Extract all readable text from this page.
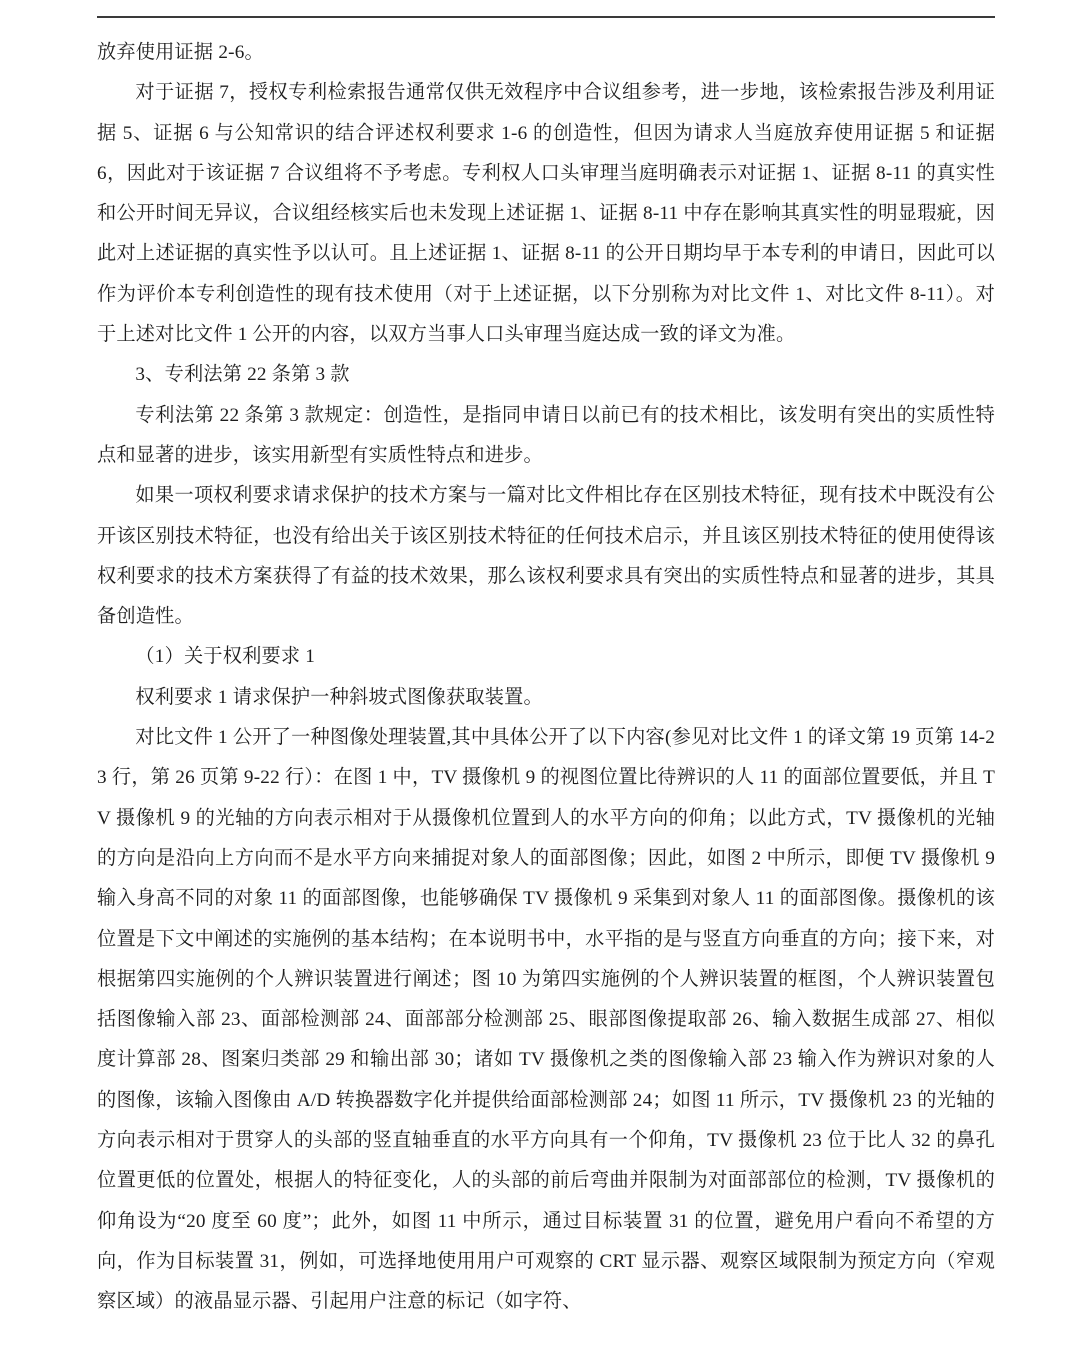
放弃使用证据 2-6。

对于证据 7，授权专利检索报告通常仅供无效程序中合议组参考，进一步地，该检索报告涉及利用证据 5、证据 6 与公知常识的结合评述权利要求 1-6 的创造性，但因为请求人当庭放弃使用证据 5 和证据 6，因此对于该证据 7 合议组将不予考虑。专利权人口头审理当庭明确表示对证据 1、证据 8-11 的真实性和公开时间无异议，合议组经核实后也未发现上述证据 1、证据 8-11 中存在影响其真实性的明显瑕疵，因此对上述证据的真实性予以认可。且上述证据 1、证据 8-11 的公开日期均早于本专利的申请日，因此可以作为评价本专利创造性的现有技术使用（对于上述证据，以下分别称为对比文件 1、对比文件 8-11）。对于上述对比文件 1 公开的内容，以双方当事人口头审理当庭达成一致的译文为准。

3、专利法第 22 条第 3 款

专利法第 22 条第 3 款规定：创造性，是指同申请日以前已有的技术相比，该发明有突出的实质性特点和显著的进步，该实用新型有实质性特点和进步。

如果一项权利要求请求保护的技术方案与一篇对比文件相比存在区别技术特征，现有技术中既没有公开该区别技术特征，也没有给出关于该区别技术特征的任何技术启示，并且该区别技术特征的使用使得该权利要求的技术方案获得了有益的技术效果，那么该权利要求具有突出的实质性特点和显著的进步，其具备创造性。

（1）关于权利要求 1

权利要求 1 请求保护一种斜坡式图像获取装置。

对比文件 1 公开了一种图像处理装置,其中具体公开了以下内容(参见对比文件 1 的译文第 19 页第 14-23 行，第 26 页第 9-22 行）：在图 1 中，TV 摄像机 9 的视图位置比待辨识的人 11 的面部位置要低，并且 TV 摄像机 9 的光轴的方向表示相对于从摄像机位置到人的水平方向的仰角；以此方式，TV 摄像机的光轴的方向是沿向上方向而不是水平方向来捕捉对象人的面部图像；因此，如图 2 中所示，即便 TV 摄像机 9 输入身高不同的对象 11 的面部图像，也能够确保 TV 摄像机 9 采集到对象人 11 的面部图像。摄像机的该位置是下文中阐述的实施例的基本结构；在本说明书中，水平指的是与竖直方向垂直的方向；接下来，对根据第四实施例的个人辨识装置进行阐述；图 10 为第四实施例的个人辨识装置的框图，个人辨识装置包括图像输入部 23、面部检测部 24、面部部分检测部 25、眼部图像提取部 26、输入数据生成部 27、相似度计算部 28、图案归类部 29 和输出部 30；诸如 TV 摄像机之类的图像输入部 23 输入作为辨识对象的人的图像，该输入图像由 A/D 转换器数字化并提供给面部检测部 24；如图 11 所示，TV 摄像机 23 的光轴的方向表示相对于贯穿人的头部的竖直轴垂直的水平方向具有一个仰角，TV 摄像机 23 位于比人 32 的鼻孔位置更低的位置处，根据人的特征变化，人的头部的前后弯曲并限制为对面部部位的检测，TV 摄像机的仰角设为“20 度至 60 度”；此外，如图 11 中所示，通过目标装置 31 的位置，避免用户看向不希望的方向，作为目标装置 31，例如，可选择地使用用户可观察的 CRT 显示器、观察区域限制为预定方向（窄观察区域）的液晶显示器、引起用户注意的标记（如字符、
